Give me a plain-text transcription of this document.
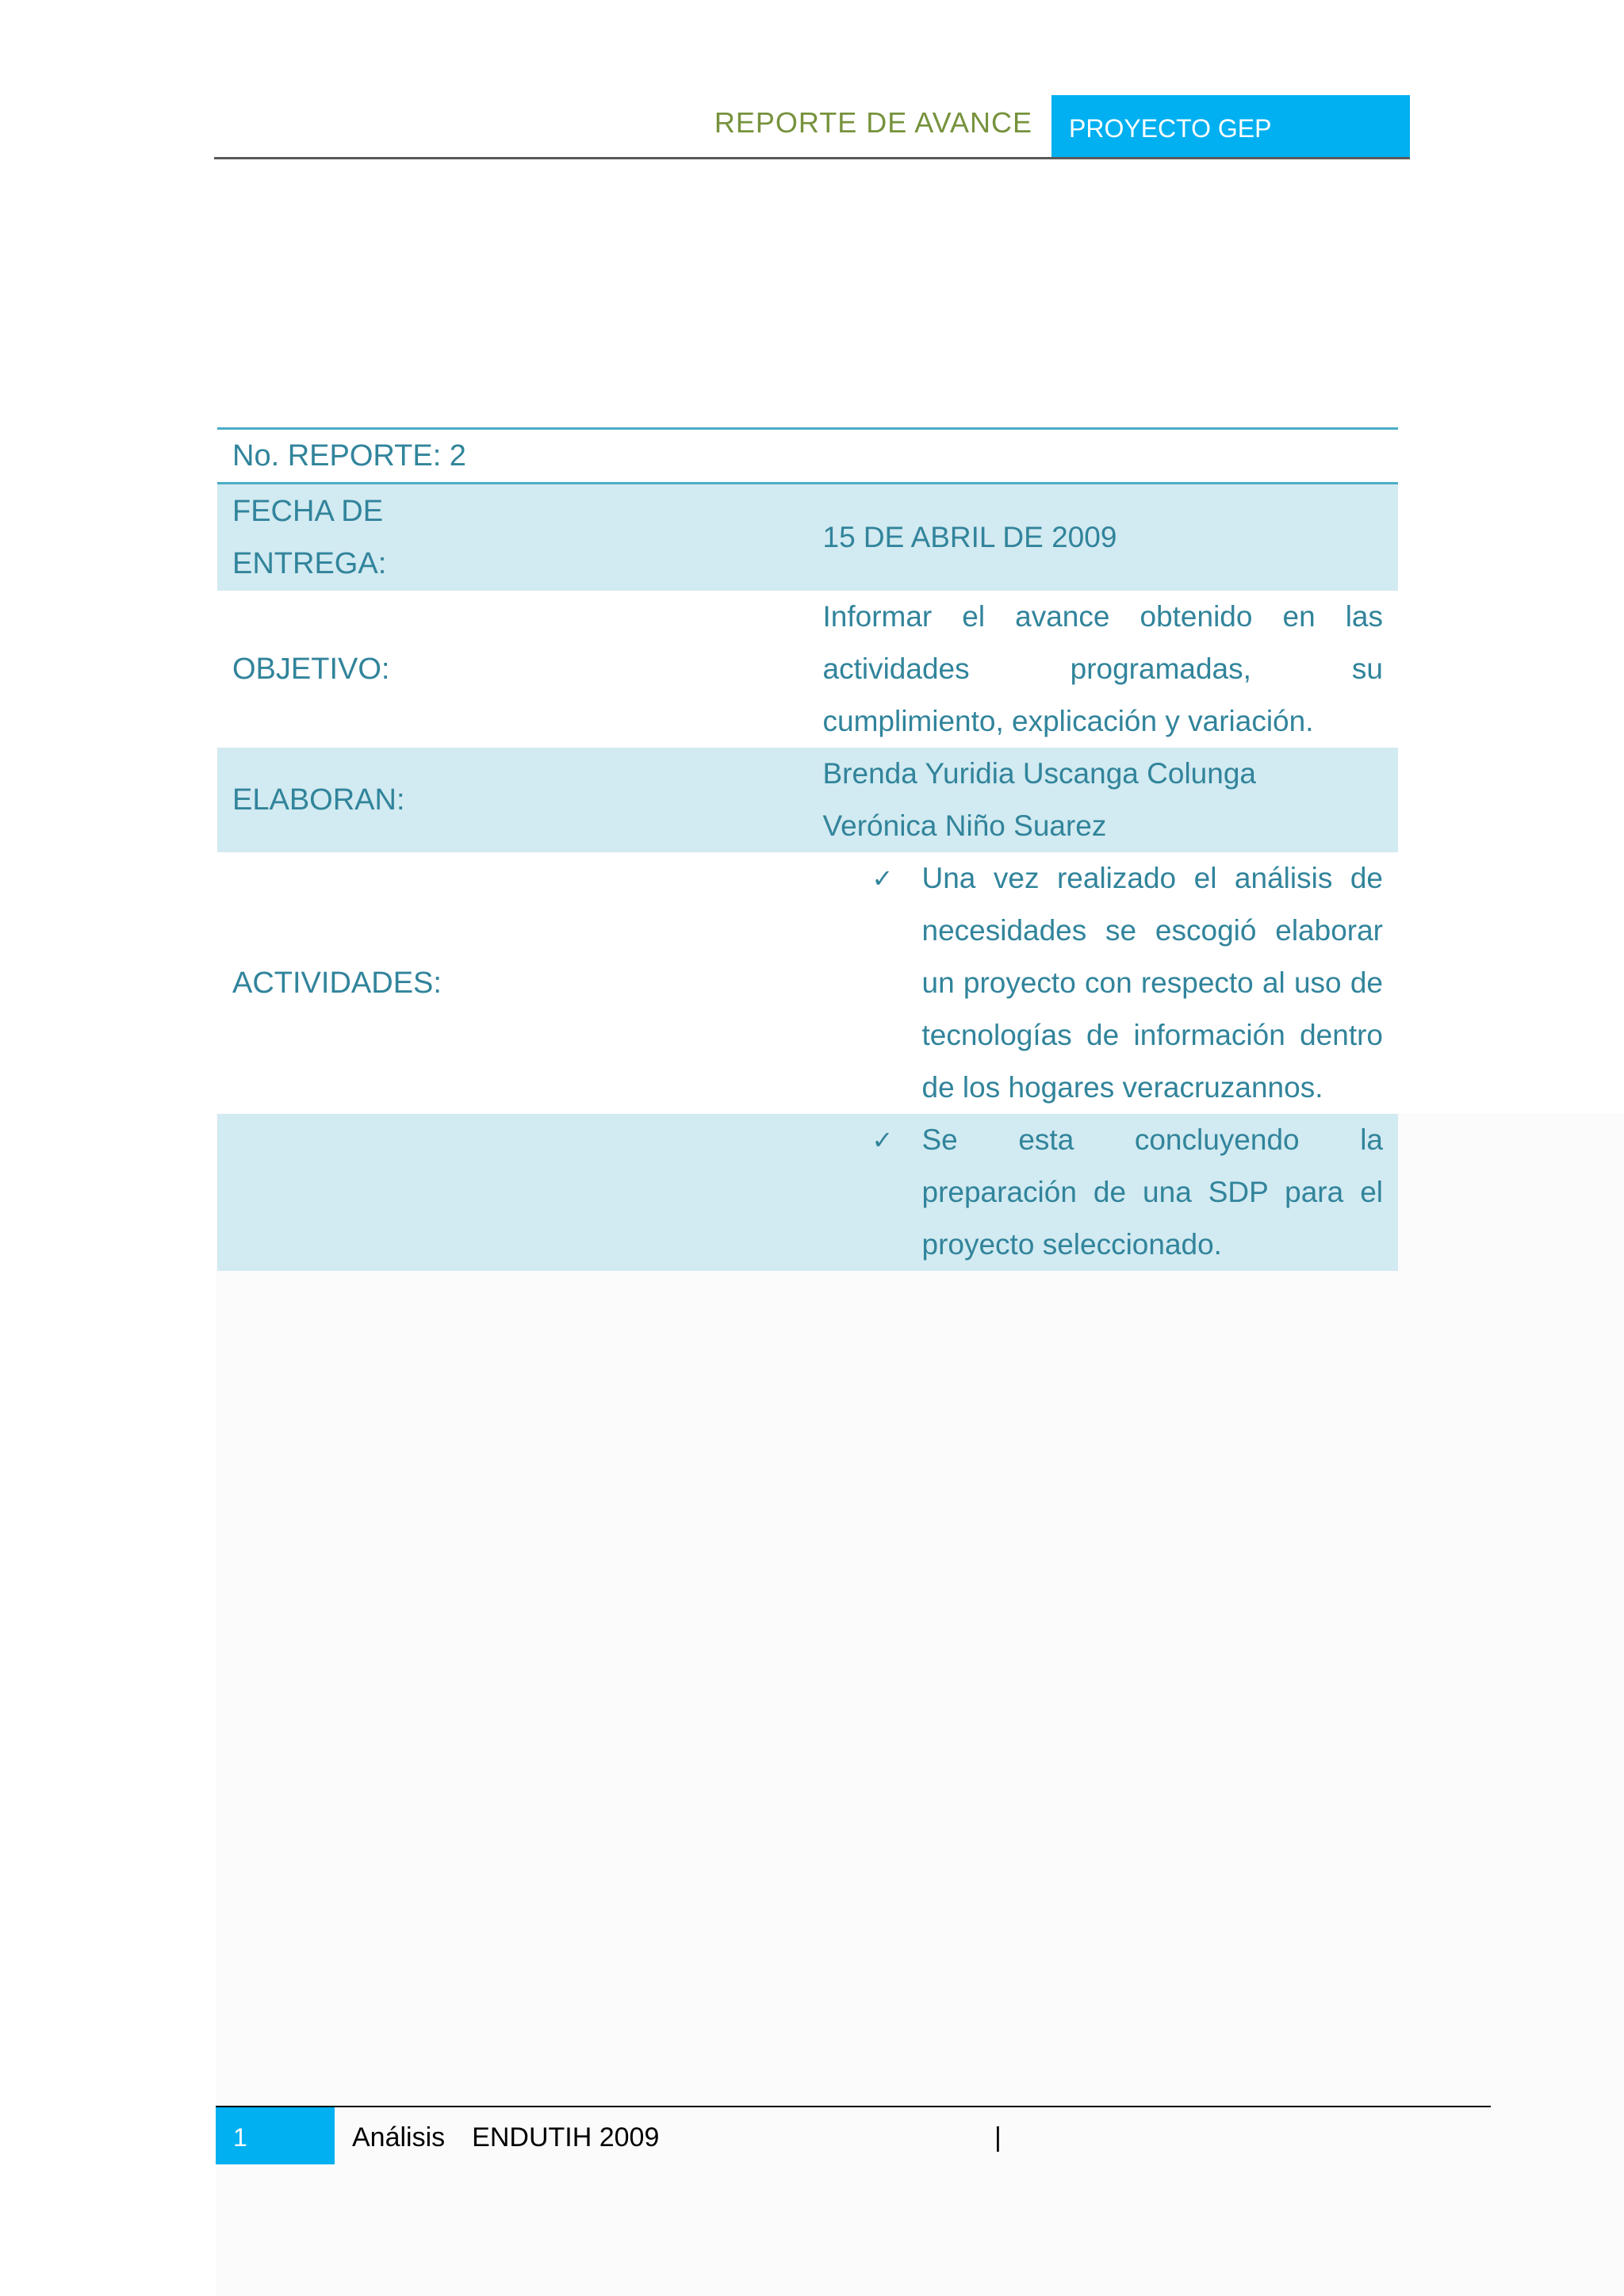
REPORTE DE AVANCE	PROYECTO GEP
No. REPORTE: 2	
FECHA DE
ENTREGA:	15 DE ABRIL DE 2009
OBJETIVO:	Informar el avance obtenido en las actividades programadas, su cumplimiento, explicación y variación.
ELABORAN:	Brenda Yuridia Uscanga Colunga
Verónica Niño Suarez
ACTIVIDADES:	✓ Una vez realizado el análisis de necesidades se escogió elaborar un proyecto con respecto al uso de tecnologías de información dentro de los hogares veracruzannos.

	✓ Se esta concluyendo la preparación de una SDP para el proyecto seleccionado.
1	Análisis ENDUTIH 2009	|
